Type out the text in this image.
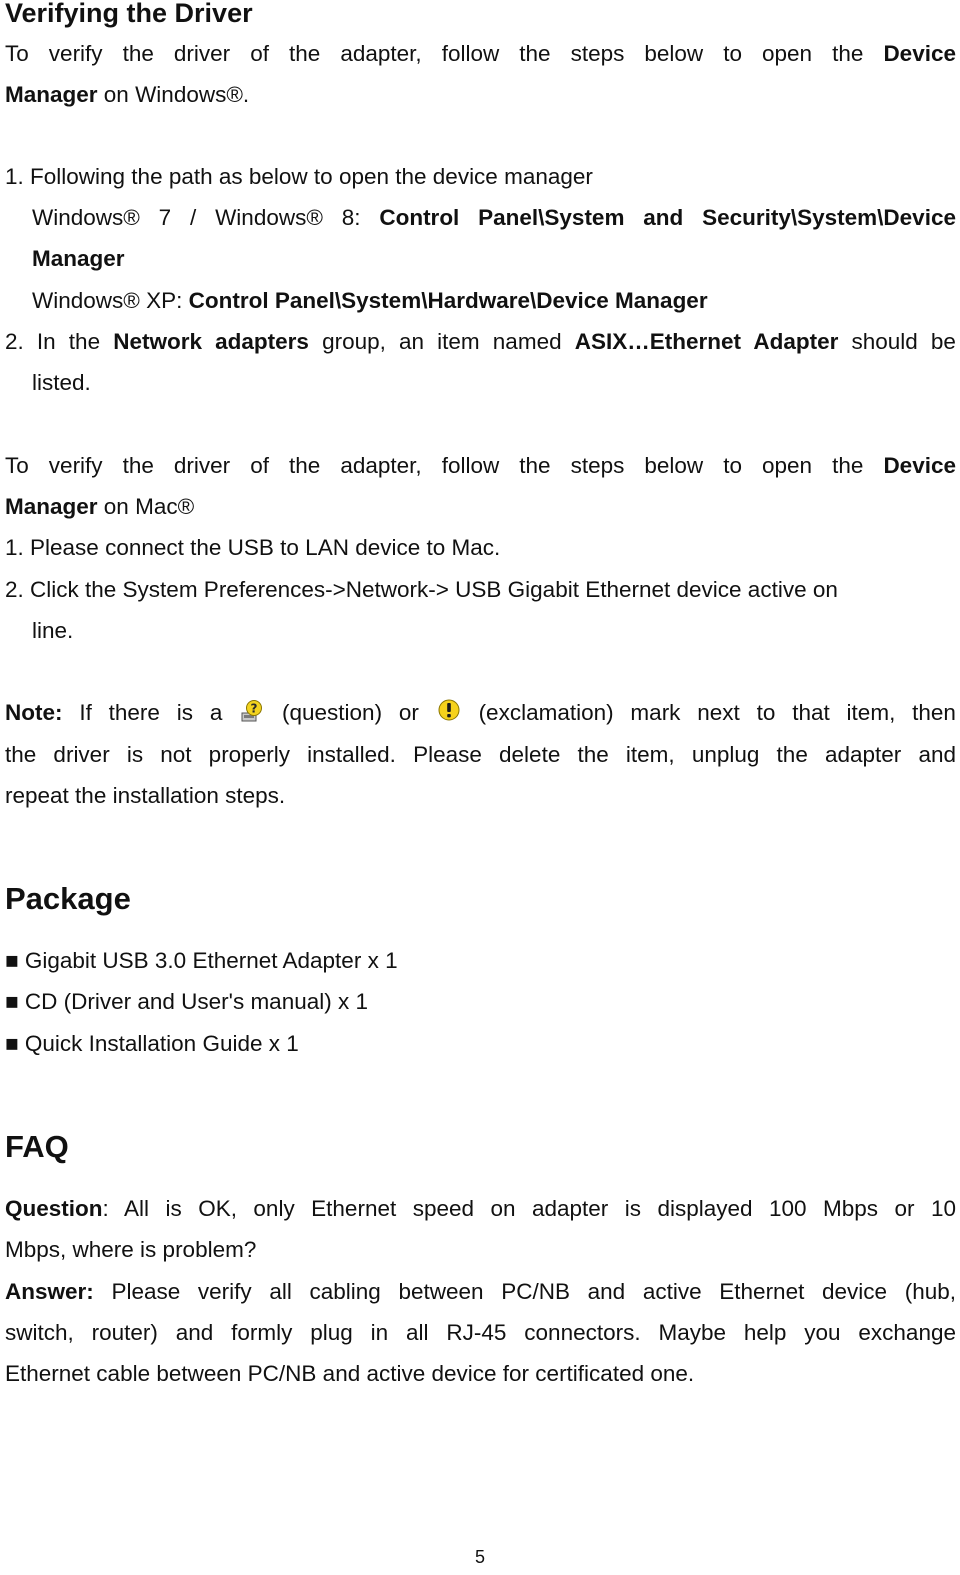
Verifying the Driver
To verify the driver of the adapter, follow the steps below to open the Device
Manager on Windows®.
1. Following the path as below to open the device manager
Windows® 7 / Windows® 8: Control Panel\System and Security\System\Device
Manager
Windows® XP: Control Panel\System\Hardware\Device Manager
2. In the Network adapters group, an item named ASIX…Ethernet Adapter should be
listed.
To verify the driver of the adapter, follow the steps below to open the Device
Manager on Mac®
1. Please connect the USB to LAN device to Mac.
2. Click the System Preferences->Network-> USB Gigabit Ethernet device active on
line.
Note: If there is a ? (question) or	(exclamation) mark next to that item, then
the driver is not properly installed. Please delete the item, unplug the adapter and
repeat the installation steps.
Package
■ Gigabit USB 3.0 Ethernet Adapter x 1
■ CD (Driver and User's manual) x 1
■ Quick Installation Guide x 1
FAQ
Question: All is OK, only Ethernet speed on adapter is displayed 100 Mbps or 10
Mbps, where is problem?
Answer: Please verify all cabling between PC/NB and active Ethernet device (hub,
switch, router) and formly plug in all RJ-45 connectors. Maybe help you exchange
Ethernet cable between PC/NB and active device for certificated one.
5
